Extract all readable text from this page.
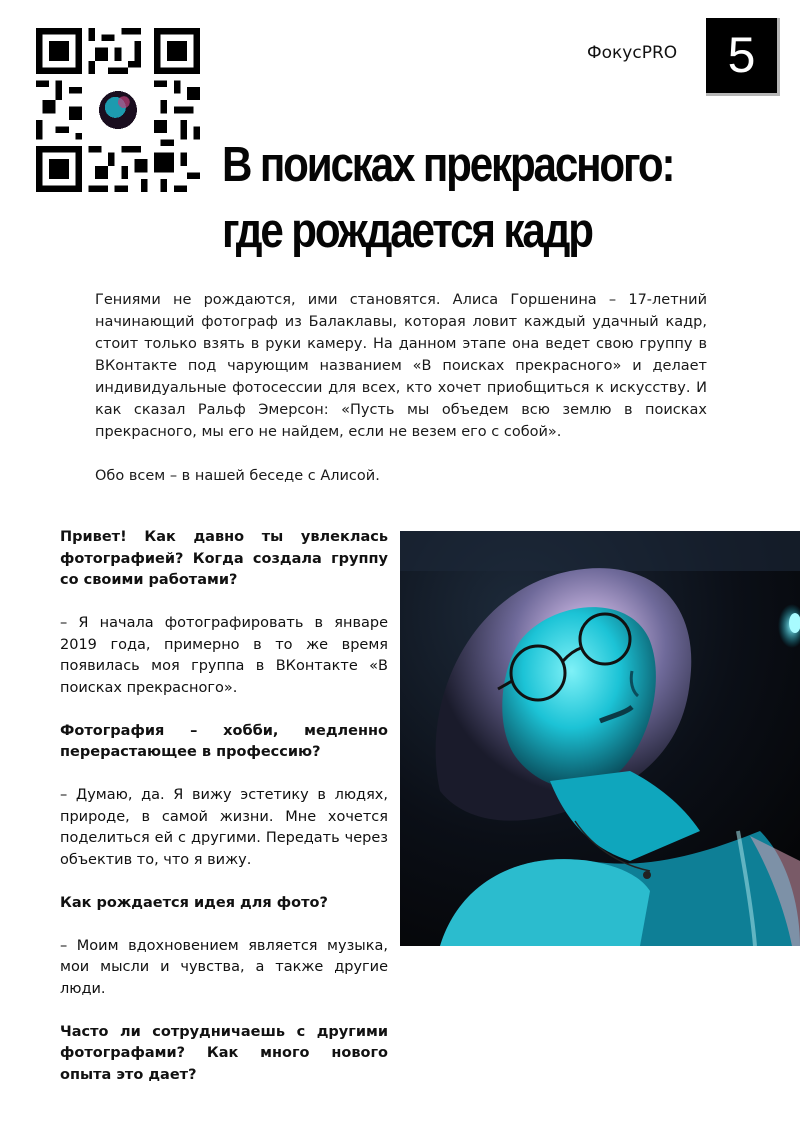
ФокусPRO	5
В поисках прекрасного:
где рождается кадр

Гениями не рождаются, ими становятся. Алиса Горшенина – 17-летний начинающий фотограф из Балаклавы, которая ловит каждый удачный кадр, стоит только взять в руки камеру. На данном этапе она ведет свою группу в ВКонтакте под чарующим названием «В поисках прекрасного» и делает индивидуальные фотосессии для всех, кто хочет приобщиться к искусству. И как сказал Ральф Эмерсон: «Пусть мы объедем всю землю в поисках прекрасного, мы его не найдем, если не везем его с собой».

Обо всем – в нашей беседе с Алисой.

Привет! Как давно ты увлеклась фотографией? Когда создала группу со своими работами?

– Я начала фотографировать в январе 2019 года, примерно в то же время появилась моя группа в ВКонтакте «В поисках прекрасного».

Фотография – хобби, медленно перерастающее в профессию?

– Думаю, да. Я вижу эстетику в людях, природе, в самой жизни. Мне хочется поделиться ей с другими. Передать через объектив то, что я вижу.

Как рождается идея для фото?

– Моим вдохновением является музыка, мои мысли и чувства, а также другие люди.

Часто ли сотрудничаешь с другими фотографами? Как много нового опыта это дает?
